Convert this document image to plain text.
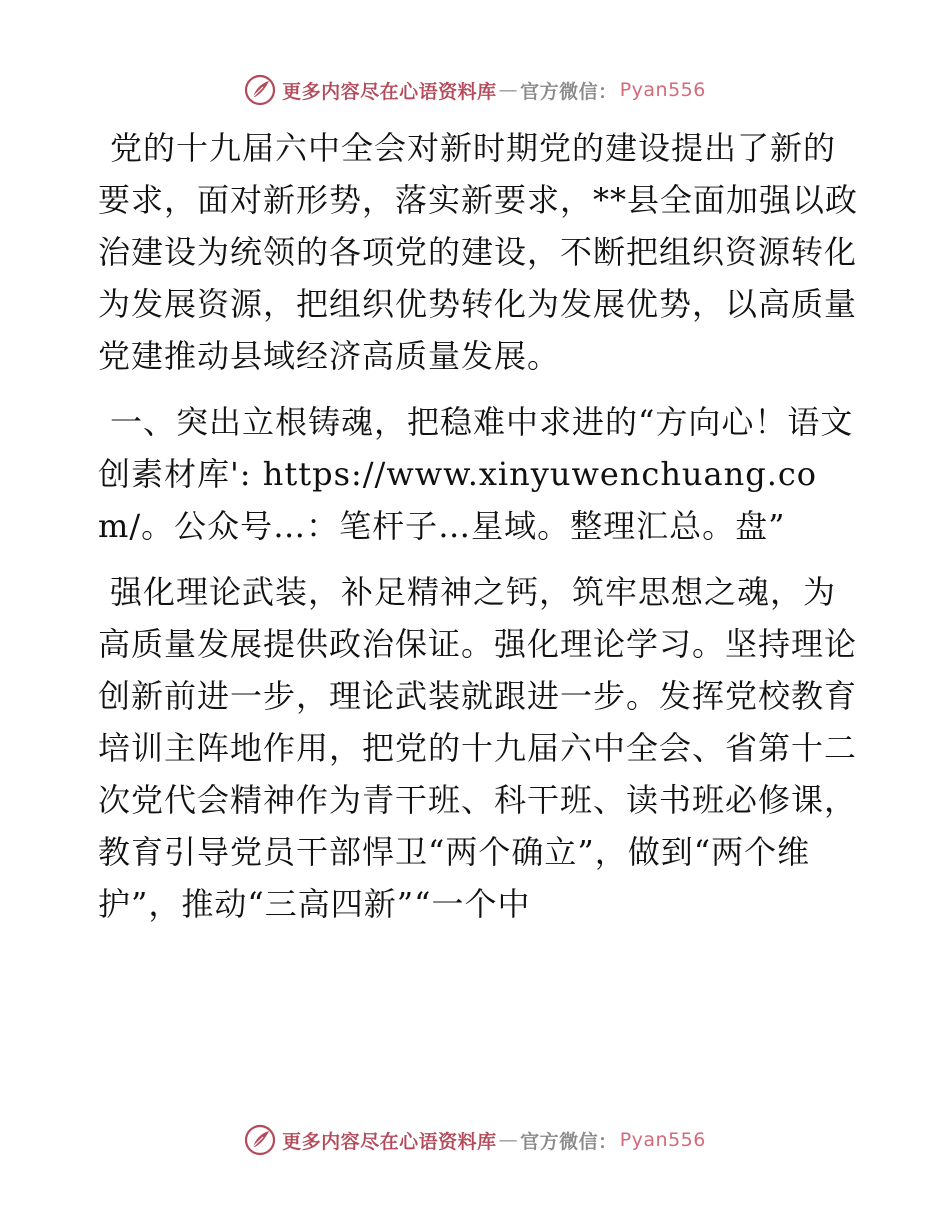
更多内容尽在心语资料库 — 官方微信： Pyan556

党的十九届六中全会对新时期党的建设提出了新的要求，面对新形势，落实新要求，**县全面加强以政治建设为统领的各项党的建设，不断把组织资源转化为发展资源，把组织优势转化为发展优势，以高质量党建推动县域经济高质量发展。

一、突出立根铸魂，把稳难中求进的“方向心！语文创素材库': https://www.xinyuwenchuang.com/。公众号…：笔杆子…星域。整理汇总。盘”

强化理论武装，补足精神之钙，筑牢思想之魂，为高质量发展提供政治保证。强化理论学习。坚持理论创新前进一步，理论武装就跟进一步。发挥党校教育培训主阵地作用，把党的十九届六中全会、省第十二次党代会精神作为青干班、科干班、读书班必修课，教育引导党员干部悍卫“两个确立”，做到“两个维护”，推动“三高四新”“一个中

更多内容尽在心语资料库 — 官方微信： Pyan556
